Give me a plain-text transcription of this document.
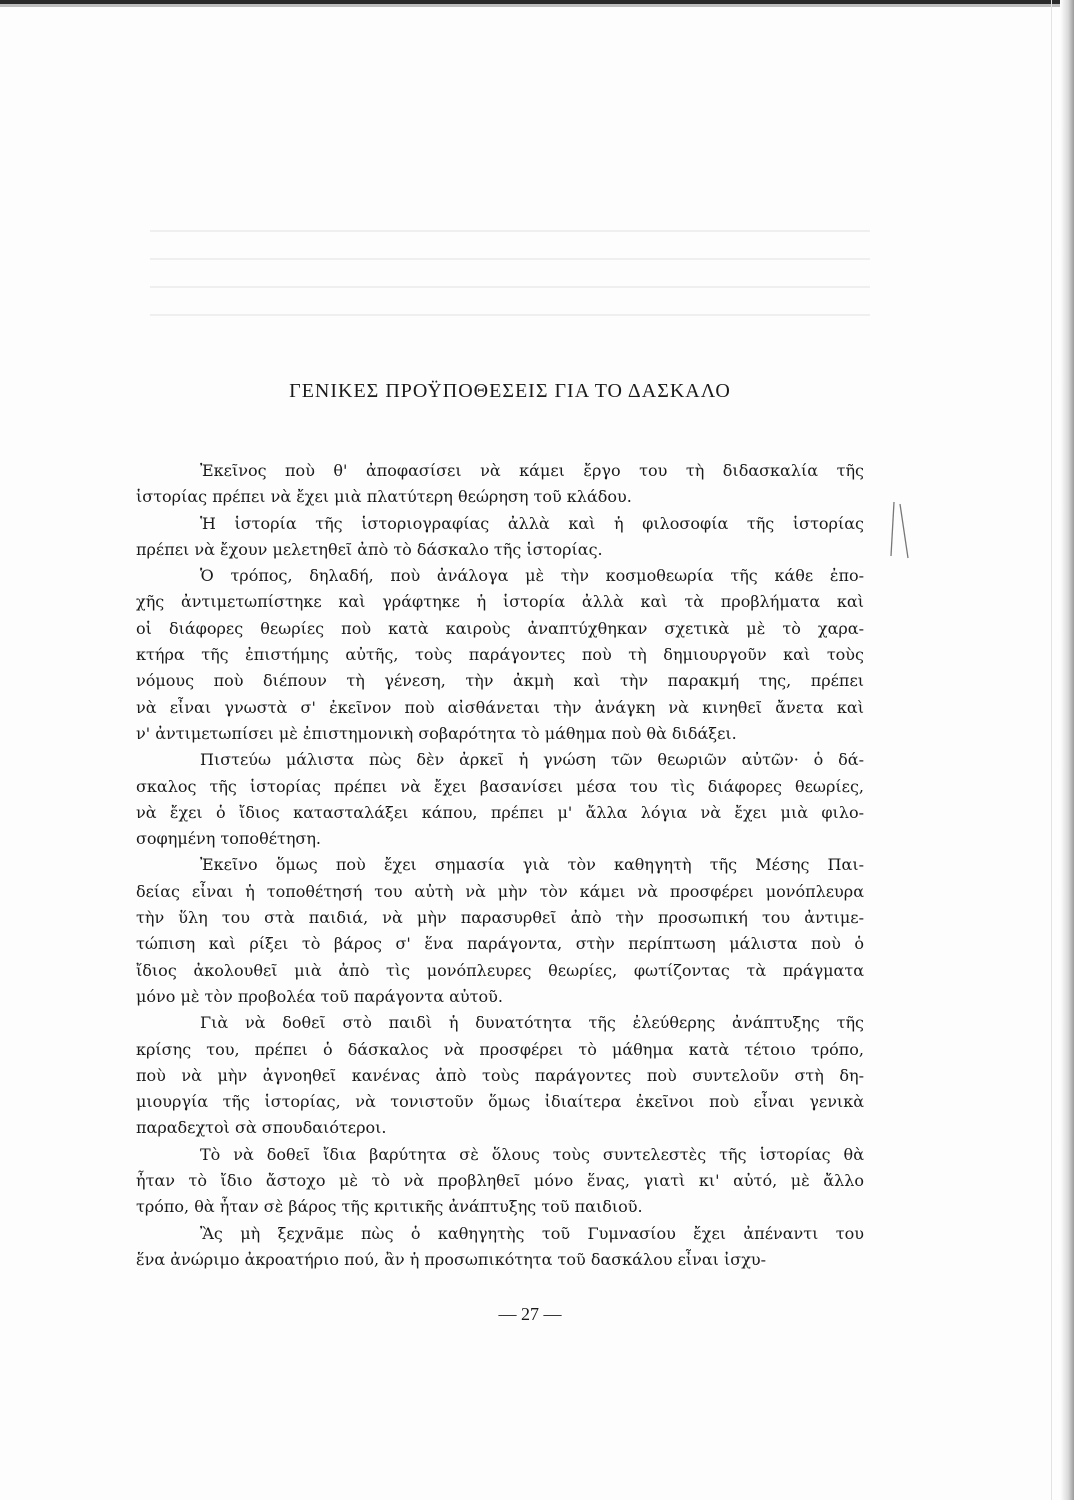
ΓΕΝΙΚΕΣ ΠΡΟΫΠΟΘΕΣΕΙΣ ΓΙΑ ΤΟ ΔΑΣΚΑΛΟ

Ἐκεῖνος ποὺ θ' ἀποφασίσει νὰ κάμει ἔργο του τὴ διδασκαλία τῆς

ἱστορίας πρέπει νὰ ἔχει μιὰ πλατύτερη θεώρηση τοῦ κλάδου.

Ἡ ἱστορία τῆς ἱστοριογραφίας ἀλλὰ καὶ ἡ φιλοσοφία τῆς ἱστορίας

πρέπει νὰ ἔχουν μελετηθεῖ ἀπὸ τὸ δάσκαλο τῆς ἱστορίας.

Ὁ τρόπος, δηλαδή, ποὺ ἀνάλογα μὲ τὴν κοσμοθεωρία τῆς κάθε ἐπο-

χῆς ἀντιμετωπίστηκε καὶ γράφτηκε ἡ ἱστορία ἀλλὰ καὶ τὰ προβλήματα καὶ

οἱ διάφορες θεωρίες ποὺ κατὰ καιροὺς ἀναπτύχθηκαν σχετικὰ μὲ τὸ χαρα-

κτήρα τῆς ἐπιστήμης αὐτῆς, τοὺς παράγοντες ποὺ τὴ δημιουργοῦν καὶ τοὺς

νόμους ποὺ διέπουν τὴ γένεση, τὴν ἀκμὴ καὶ τὴν παρακμή της, πρέπει

νὰ εἶναι γνωστὰ σ' ἐκεῖνον ποὺ αἰσθάνεται τὴν ἀνάγκη νὰ κινηθεῖ ἄνετα καὶ

ν' ἀντιμετωπίσει μὲ ἐπιστημονικὴ σοβαρότητα τὸ μάθημα ποὺ θὰ διδάξει.

Πιστεύω μάλιστα πὼς δὲν ἀρκεῖ ἡ γνώση τῶν θεωριῶν αὐτῶν· ὁ δά-

σκαλος τῆς ἱστορίας πρέπει νὰ ἔχει βασανίσει μέσα του τὶς διάφορες θεωρίες,

νὰ ἔχει ὁ ἴδιος κατασταλάξει κάπου, πρέπει μ' ἄλλα λόγια νὰ ἔχει μιὰ φιλο-

σοφημένη τοποθέτηση.

Ἐκεῖνο ὅμως ποὺ ἔχει σημασία γιὰ τὸν καθηγητὴ τῆς Μέσης Παι-

δείας εἶναι ἡ τοποθέτησή του αὐτὴ νὰ μὴν τὸν κάμει νὰ προσφέρει μονόπλευρα

τὴν ὕλη του στὰ παιδιά, νὰ μὴν παρασυρθεῖ ἀπὸ τὴν προσωπική του ἀντιμε-

τώπιση καὶ ρίξει τὸ βάρος σ' ἕνα παράγοντα, στὴν περίπτωση μάλιστα ποὺ ὁ

ἴδιος ἀκολουθεῖ μιὰ ἀπὸ τὶς μονόπλευρες θεωρίες, φωτίζοντας τὰ πράγματα

μόνο μὲ τὸν προβολέα τοῦ παράγοντα αὐτοῦ.

Γιὰ νὰ δοθεῖ στὸ παιδὶ ἡ δυνατότητα τῆς ἐλεύθερης ἀνάπτυξης τῆς

κρίσης του, πρέπει ὁ δάσκαλος νὰ προσφέρει τὸ μάθημα κατὰ τέτοιο τρόπο,

ποὺ νὰ μὴν ἀγνοηθεῖ κανένας ἀπὸ τοὺς παράγοντες ποὺ συντελοῦν στὴ δη-

μιουργία τῆς ἱστορίας, νὰ τονιστοῦν ὅμως ἰδιαίτερα ἐκεῖνοι ποὺ εἶναι γενικὰ

παραδεχτοὶ σὰ σπουδαιότεροι.

Τὸ νὰ δοθεῖ ἴδια βαρύτητα σὲ ὅλους τοὺς συντελεστὲς τῆς ἱστορίας θὰ

ἦταν τὸ ἴδιο ἄστοχο μὲ τὸ νὰ προβληθεῖ μόνο ἕνας, γιατὶ κι' αὐτό, μὲ ἄλλο

τρόπο, θὰ ἦταν σὲ βάρος τῆς κριτικῆς ἀνάπτυξης τοῦ παιδιοῦ.

Ἂς μὴ ξεχνᾶμε πὼς ὁ καθηγητὴς τοῦ Γυμνασίου ἔχει ἀπέναντι του

ἕνα ἀνώριμο ἀκροατήριο πού, ἂν ἡ προσωπικότητα τοῦ δασκάλου εἶναι ἰσχυ-

— 27 —
